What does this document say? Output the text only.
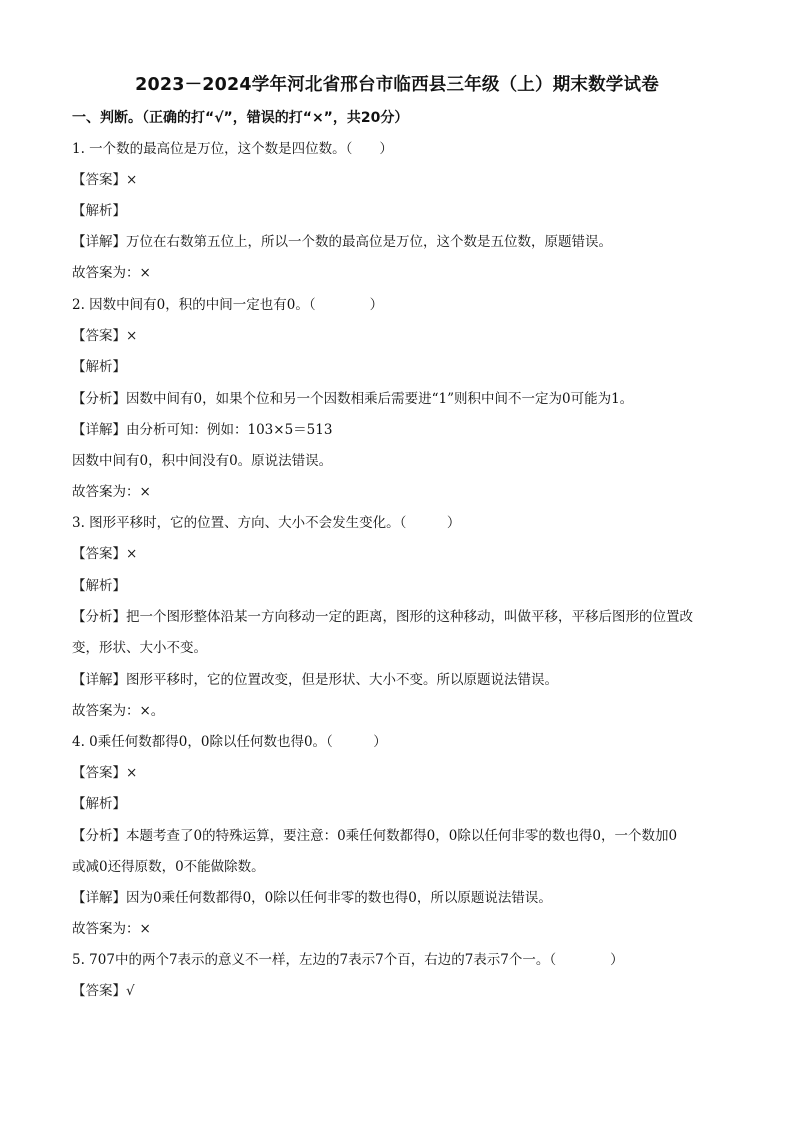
2023－2024学年河北省邢台市临西县三年级（上）期末数学试卷
一、判断。（正确的打“√”，错误的打“×”，共20分）
1. 一个数的最高位是万位，这个数是四位数。（　　）
【答案】×
【解析】
【详解】万位在右数第五位上，所以一个数的最高位是万位，这个数是五位数，原题错误。
故答案为：×
2. 因数中间有0，积的中间一定也有0。（　　　　）
【答案】×
【解析】
【分析】因数中间有0，如果个位和另一个因数相乘后需要进“1”则积中间不一定为0可能为1。
【详解】由分析可知：例如：103×5＝513
因数中间有0，积中间没有0。原说法错误。
故答案为：×
3. 图形平移时，它的位置、方向、大小不会发生变化。（　　　）
【答案】×
【解析】
【分析】把一个图形整体沿某一方向移动一定的距离，图形的这种移动，叫做平移，平移后图形的位置改
变，形状、大小不变。
【详解】图形平移时，它的位置改变，但是形状、大小不变。所以原题说法错误。
故答案为：×。
4. 0乘任何数都得0，0除以任何数也得0。（　　　）
【答案】×
【解析】
【分析】本题考查了0的特殊运算，要注意：0乘任何数都得0，0除以任何非零的数也得0，一个数加0
或减0还得原数，0不能做除数。
【详解】因为0乘任何数都得0，0除以任何非零的数也得0，所以原题说法错误。
故答案为：×
5. 707中的两个7表示的意义不一样，左边的7表示7个百，右边的7表示7个一。（　　　　）
【答案】√
